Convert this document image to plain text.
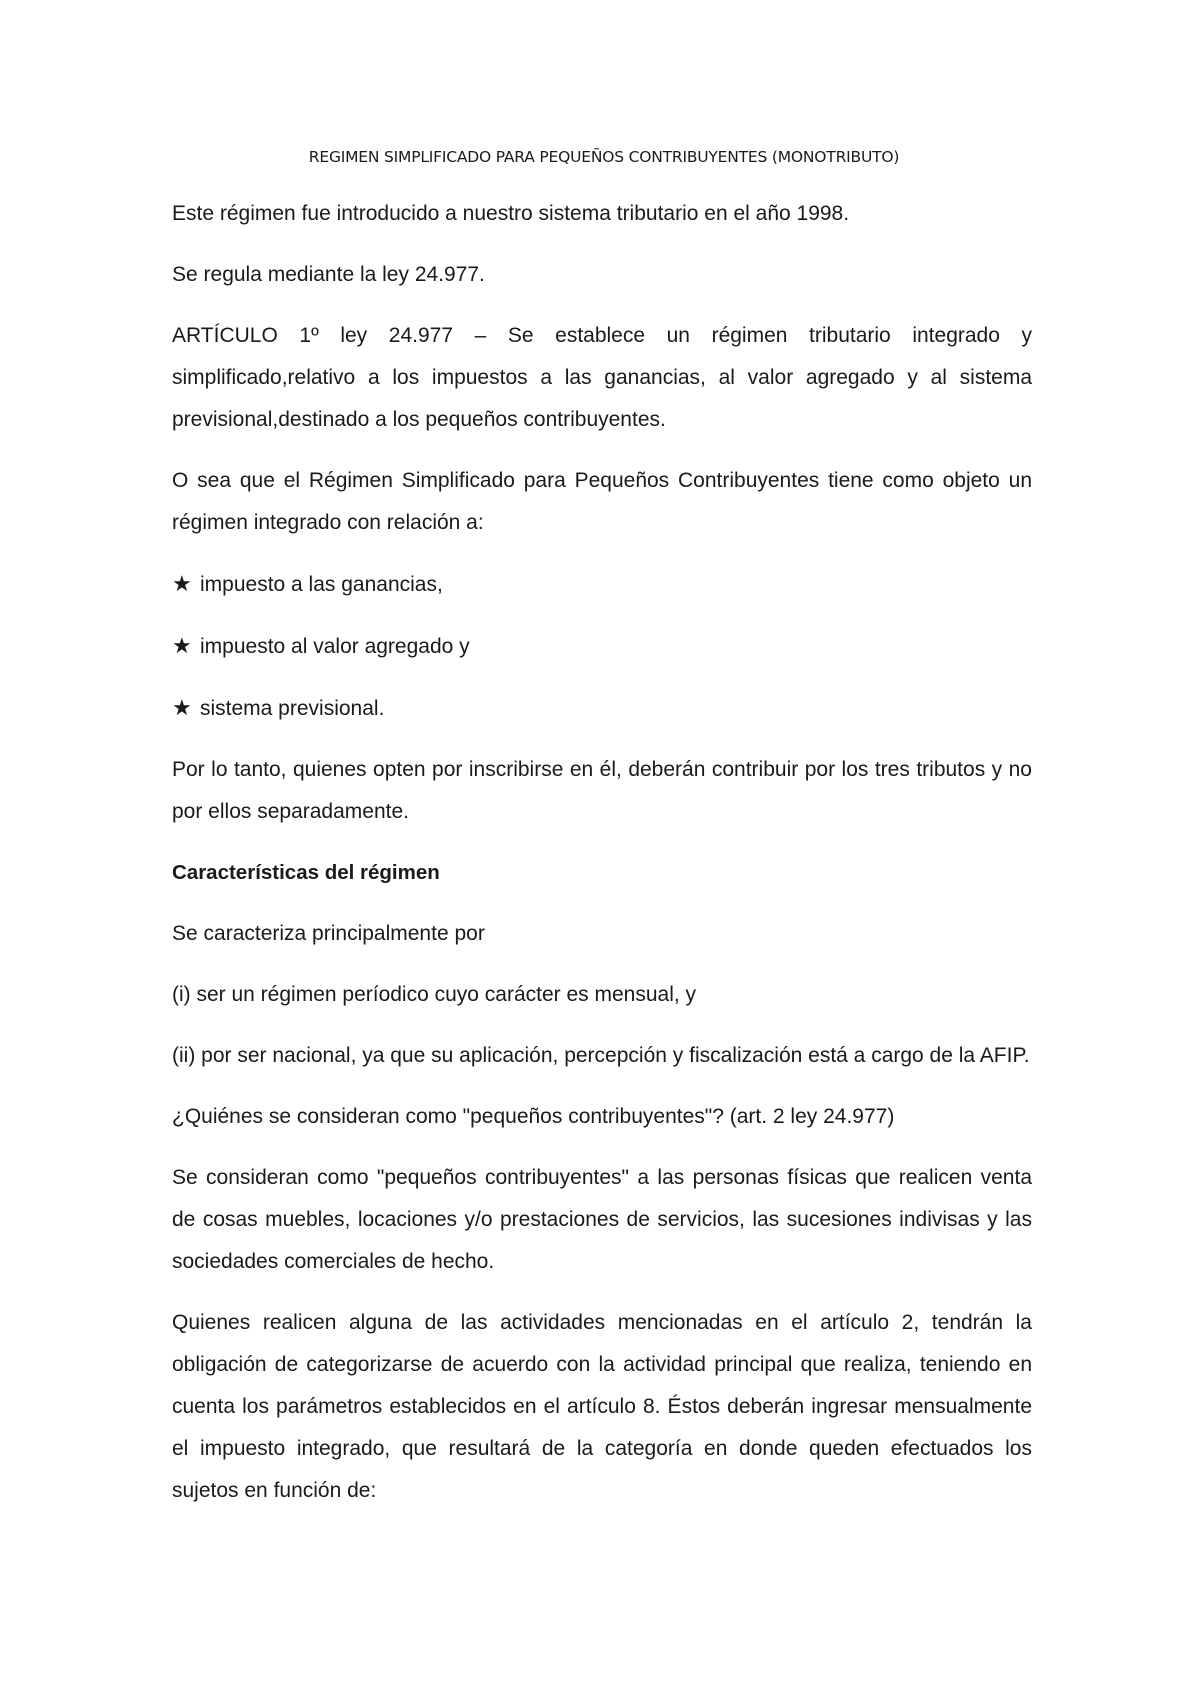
REGIMEN SIMPLIFICADO PARA PEQUEÑOS CONTRIBUYENTES (MONOTRIBUTO)

Este régimen fue introducido a nuestro sistema tributario en el año 1998.

Se regula mediante la ley 24.977.

ARTÍCULO 1º ley 24.977 – Se establece un régimen tributario integrado y simplificado,relativo a los impuestos a las ganancias, al valor agregado y al sistema previsional,destinado a los pequeños contribuyentes.

O sea que el Régimen Simplificado para Pequeños Contribuyentes tiene como objeto un régimen integrado con relación a:

★ impuesto a las ganancias,
★ impuesto al valor agregado y
★ sistema previsional.

Por lo tanto, quienes opten por inscribirse en él, deberán contribuir por los tres tributos y no por ellos separadamente.

Características del régimen

Se caracteriza principalmente por

(i) ser un régimen períodico cuyo carácter es mensual, y

(ii) por ser nacional, ya que su aplicación, percepción y fiscalización está a cargo de la AFIP.

¿Quiénes se consideran como "pequeños contribuyentes"? (art. 2 ley 24.977)

Se consideran como "pequeños contribuyentes" a las personas físicas que realicen venta de cosas muebles, locaciones y/o prestaciones de servicios, las sucesiones indivisas y las sociedades comerciales de hecho.

Quienes realicen alguna de las actividades mencionadas en el artículo 2, tendrán la obligación de categorizarse de acuerdo con la actividad principal que realiza, teniendo en cuenta los parámetros establecidos en el artículo 8. Éstos deberán ingresar mensualmente el impuesto integrado, que resultará de la categoría en donde queden efectuados los sujetos en función de:
